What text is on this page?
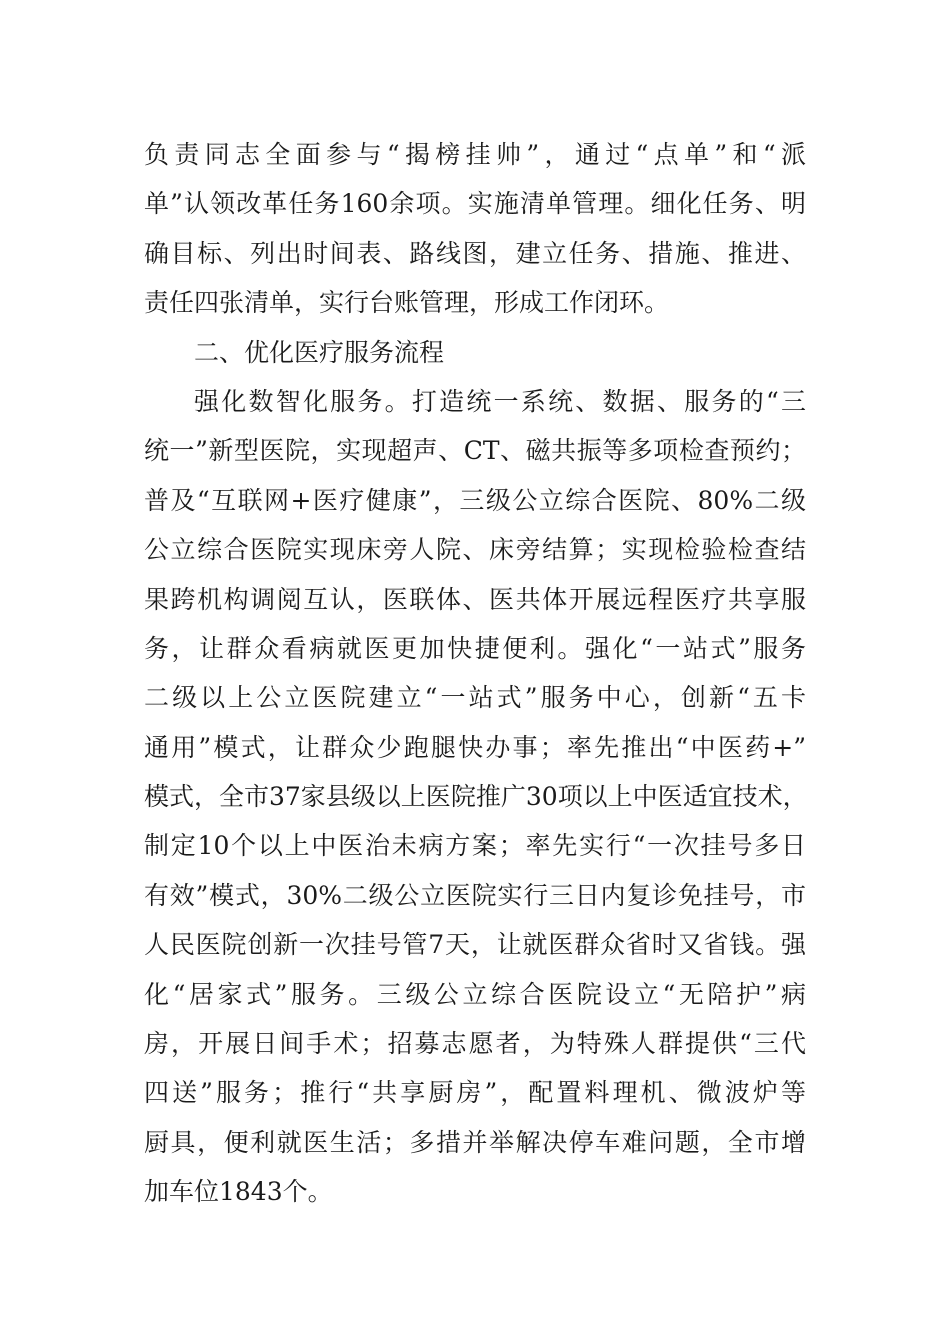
负责同志全面参与“揭榜挂帅”，通过“点单”和“派
单”认领改革任务160余项。实施清单管理。细化任务、明
确目标、列出时间表、路线图，建立任务、措施、推进、
责任四张清单，实行台账管理，形成工作闭环。
二、优化医疗服务流程
强化数智化服务。打造统一系统、数据、服务的“三
统一”新型医院，实现超声、CT、磁共振等多项检查预约；
普及“互联网+医疗健康”，三级公立综合医院、80%二级
公立综合医院实现床旁人院、床旁结算；实现检验检查结
果跨机构调阅互认，医联体、医共体开展远程医疗共享服
务，让群众看病就医更加快捷便利。强化“一站式”服务
二级以上公立医院建立“一站式”服务中心，创新“五卡
通用”模式，让群众少跑腿快办事；率先推出“中医药+”
模式，全市37家县级以上医院推广30项以上中医适宜技术，
制定10个以上中医治未病方案；率先实行“一次挂号多日
有效”模式，30%二级公立医院实行三日内复诊免挂号，市
人民医院创新一次挂号管7天，让就医群众省时又省钱。强
化“居家式”服务。三级公立综合医院设立“无陪护”病
房，开展日间手术；招募志愿者，为特殊人群提供“三代
四送”服务；推行“共享厨房”，配置料理机、微波炉等
厨具，便利就医生活；多措并举解决停车难问题，全市增
加车位1843个。
